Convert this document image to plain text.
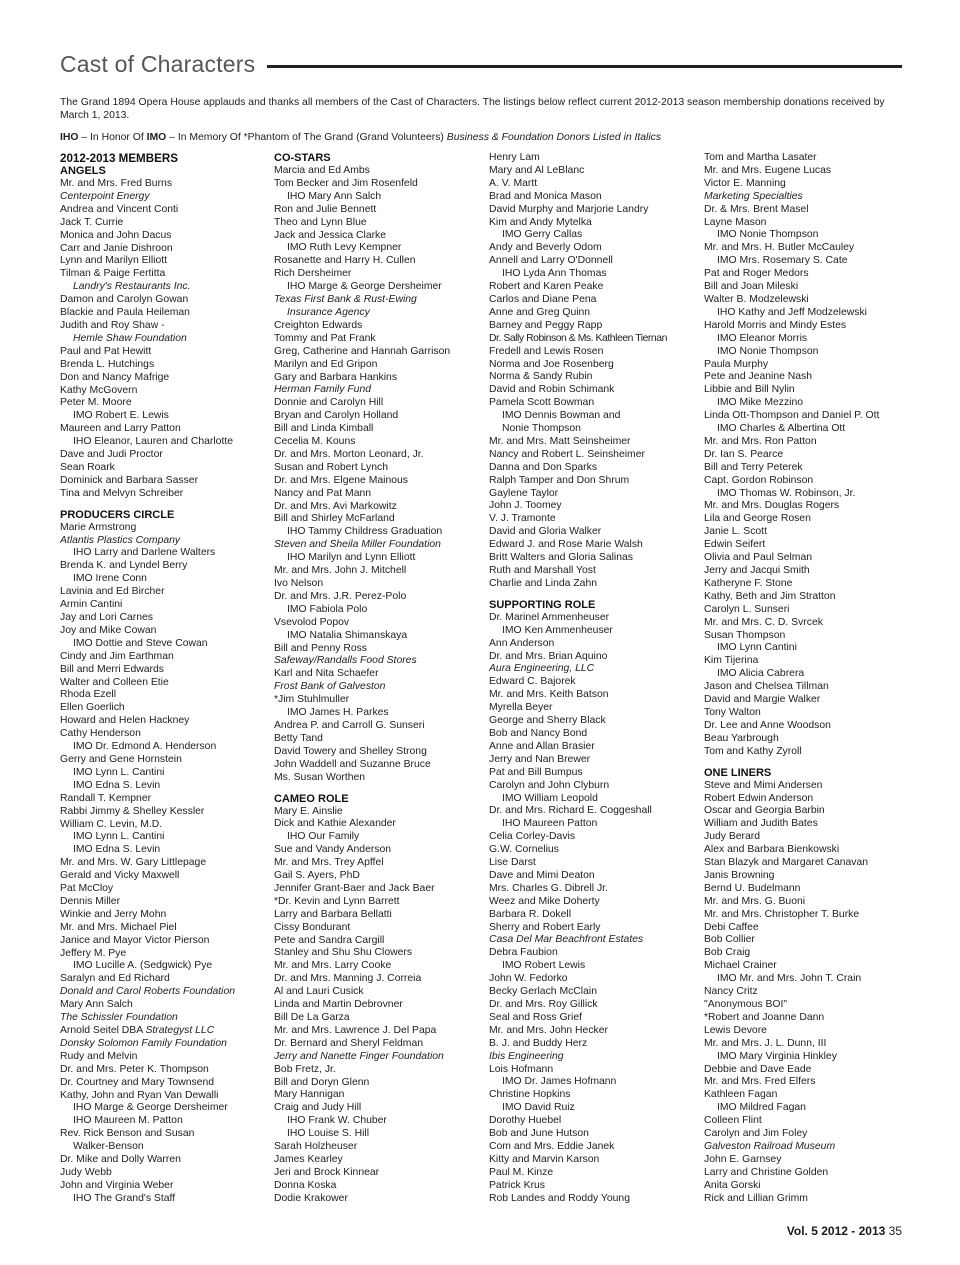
Cast of Characters
The Grand 1894 Opera House applauds and thanks all members of the Cast of Characters. The listings below reflect current 2012-2013 season membership donations received by March 1, 2013.
IHO – In Honor Of IMO – In Memory Of *Phantom of The Grand (Grand Volunteers) Business & Foundation Donors Listed in Italics
2012-2013 MEMBERS
ANGELS
Mr. and Mrs. Fred Burns
Centerpoint Energy
Andrea and Vincent Conti
Jack T. Currie
Monica and John Dacus
Carr and Janie Dishroon
Lynn and Marilyn Elliott
Tilman & Paige Fertitta
Landry's Restaurants Inc.
Damon and Carolyn Gowan
Blackie and Paula Heileman
Judith and Roy Shaw -
Hemle Shaw Foundation
Paul and Pat Hewitt
Brenda L. Hutchings
Don and Nancy Mafrige
Kathy McGovern
Peter M. Moore
IMO Robert E. Lewis
Maureen and Larry Patton
IHO Eleanor, Lauren and Charlotte
Dave and Judi Proctor
Sean Roark
Dominick and Barbara Sasser
Tina and Melvyn Schreiber
PRODUCERS CIRCLE
Marie Armstrong
Atlantis Plastics Company
IHO Larry and Darlene Walters
Brenda K. and Lyndel Berry
IMO Irene Conn
Lavinia and Ed Bircher
Armin Cantini
Jay and Lori Carnes
Joy and Mike Cowan
IMO Dottie and Steve Cowan
Cindy and Jim Earthman
Bill and Merri Edwards
Walter and Colleen Etie
Rhoda Ezell
Ellen Goerlich
Howard and Helen Hackney
Cathy Henderson
IMO Dr. Edmond A. Henderson
Gerry and Gene Hornstein
IMO Lynn L. Cantini
IMO Edna S. Levin
Randall T. Kempner
Rabbi Jimmy & Shelley Kessler
William C. Levin, M.D.
IMO Lynn L. Cantini
IMO Edna S. Levin
Mr. and Mrs. W. Gary Littlepage
Gerald and Vicky Maxwell
Pat McCloy
Dennis Miller
Winkie and Jerry Mohn
Mr. and Mrs. Michael Piel
Janice and Mayor Victor Pierson
Jeffery M. Pye
IMO Lucille A. (Sedgwick) Pye
Saralyn and Ed Richard
Donald and Carol Roberts Foundation
Mary Ann Salch
The Schissler Foundation
Arnold Seitel DBA Strategyst LLC
Donsky Solomon Family Foundation
Rudy and Melvin
Dr. and Mrs. Peter K. Thompson
Dr. Courtney and Mary Townsend
Kathy, John and Ryan Van Dewalli
IHO Marge & George Dersheimer
IHO Maureen M. Patton
Rev. Rick Benson and Susan
Walker-Benson
Dr. Mike and Dolly Warren
Judy Webb
John and Virginia Weber
IHO The Grand's Staff
CO-STARS
Marcia and Ed Ambs
Tom Becker and Jim Rosenfeld
IHO Mary Ann Salch
Ron and Julie Bennett
Theo and Lynn Blue
Jack and Jessica Clarke
IMO Ruth Levy Kempner
Rosanette and Harry H. Cullen
Rich Dersheimer
IHO Marge & George Dersheimer
Texas First Bank & Rust-Ewing
Insurance Agency
Creighton Edwards
Tommy and Pat Frank
Greg, Catherine and Hannah Garrison
Marilyn and Ed Gripon
Gary and Barbara Hankins
Herman Family Fund
Donnie and Carolyn Hill
Bryan and Carolyn Holland
Bill and Linda Kimball
Cecelia M. Kouns
Dr. and Mrs. Morton Leonard, Jr.
Susan and Robert Lynch
Dr. and Mrs. Elgene Mainous
Nancy and Pat Mann
Dr. and Mrs. Avi Markowitz
Bill and Shirley McFarland
IHO Tammy Childress Graduation
Steven and Sheila Miller Foundation
IHO Marilyn and Lynn Elliott
Mr. and Mrs. John J. Mitchell
Ivo Nelson
Dr. and Mrs. J.R. Perez-Polo
IMO Fabiola Polo
Vsevolod Popov
IMO Natalia Shimanskaya
Bill and Penny Ross
Safeway/Randalls Food Stores
Karl and Nita Schaefer
Frost Bank of Galveston
*Jim Stuhlmuller
IMO James H. Parkes
Andrea P. and Carroll G. Sunseri
Betty Tand
David Towery and Shelley Strong
John Waddell and Suzanne Bruce
Ms. Susan Worthen
CAMEO ROLE
Mary E. Ainslie
Dick and Kathie Alexander
IHO Our Family
Sue and Vandy Anderson
Mr. and Mrs. Trey Apffel
Gail S. Ayers, PhD
Jennifer Grant-Baer and Jack Baer
*Dr. Kevin and Lynn Barrett
Larry and Barbara Bellatti
Cissy Bondurant
Pete and Sandra Cargill
Stanley and Shu Shu Clowers
Mr. and Mrs. Larry Cooke
Dr. and Mrs. Manning J. Correia
Al and Lauri Cusick
Linda and Martin Debrovner
Bill De La Garza
Mr. and Mrs. Lawrence J. Del Papa
Dr. Bernard and Sheryl Feldman
Jerry and Nanette Finger Foundation
Bob Fretz, Jr.
Bill and Doryn Glenn
Mary Hannigan
Craig and Judy Hill
IHO Frank W. Chuber
IHO Louise S. Hill
Sarah Holzheuser
James Kearley
Jeri and Brock Kinnear
Donna Koska
Dodie Krakower
Henry Lam
Mary and Al LeBlanc
A. V. Martt
Brad and Monica Mason
David Murphy and Marjorie Landry
Kim and Andy Mytelka
IMO Gerry Callas
Andy and Beverly Odom
Annell and Larry O'Donnell
IHO Lyda Ann Thomas
Robert and Karen Peake
Carlos and Diane Pena
Anne and Greg Quinn
Barney and Peggy Rapp
Dr. Sally Robinson & Ms. Kathleen Tiernan
Fredell and Lewis Rosen
Norma and Joe Rosenberg
Norma & Sandy Rubin
David and Robin Schimank
Pamela Scott Bowman
IMO Dennis Bowman and
Nonie Thompson
Mr. and Mrs. Matt Seinsheimer
Nancy and Robert L. Seinsheimer
Danna and Don Sparks
Ralph Tamper and Don Shrum
Gaylene Taylor
John J. Toomey
V. J. Tramonte
David and Gloria Walker
Edward J. and Rose Marie Walsh
Britt Walters and Gloria Salinas
Ruth and Marshall Yost
Charlie and Linda Zahn
SUPPORTING ROLE
Dr. Marinel Ammenheuser
IMO Ken Ammenheuser
Ann Anderson
Dr. and Mrs. Brian Aquino
Aura Engineering, LLC
Edward C. Bajorek
Mr. and Mrs. Keith Batson
Myrella Beyer
George and Sherry Black
Bob and Nancy Bond
Anne and Allan Brasier
Jerry and Nan Brewer
Pat and Bill Bumpus
Carolyn and John Clyburn
IMO William Leopold
Dr. and Mrs. Richard E. Coggeshall
IHO Maureen Patton
Celia Corley-Davis
G.W. Cornelius
Lise Darst
Dave and Mimi Deaton
Mrs. Charles G. Dibrell Jr.
Weez and Mike Doherty
Barbara R. Dokell
Sherry and Robert Early
Casa Del Mar Beachfront Estates
Debra Faubion
IMO Robert Lewis
John W. Fedorko
Becky Gerlach McClain
Dr. and Mrs. Roy Gillick
Seal and Ross Grief
Mr. and Mrs. John Hecker
B. J. and Buddy Herz
Ibis Engineering
Lois Hofmann
IMO Dr. James Hofmann
Christine Hopkins
IMO David Ruiz
Dorothy Huebel
Bob and June Hutson
Com and Mrs. Eddie Janek
Kitty and Marvin Karson
Paul M. Kinze
Patrick Krus
Rob Landes and Roddy Young
Tom and Martha Lasater
Mr. and Mrs. Eugene Lucas
Victor E. Manning
Marketing Specialties
Dr. & Mrs. Brent Masel
Layne Mason
IMO Nonie Thompson
Mr. and Mrs. H. Butler McCauley
IMO Mrs. Rosemary S. Cate
Pat and Roger Medors
Bill and Joan Mileski
Walter B. Modzelewski
IHO Kathy and Jeff Modzelewski
Harold Morris and Mindy Estes
IMO Eleanor Morris
IMO Nonie Thompson
Paula Murphy
Pete and Jeanine Nash
Libbie and Bill Nylin
IMO Mike Mezzino
Linda Ott-Thompson and Daniel P. Ott
IMO Charles & Albertina Ott
Mr. and Mrs. Ron Patton
Dr. Ian S. Pearce
Bill and Terry Peterek
Capt. Gordon Robinson
IMO Thomas W. Robinson, Jr.
Mr. and Mrs. Douglas Rogers
Lila and George Rosen
Janie L. Scott
Edwin Seifert
Olivia and Paul Selman
Jerry and Jacqui Smith
Katheryne F. Stone
Kathy, Beth and Jim Stratton
Carolyn L. Sunseri
Mr. and Mrs. C. D. Svrcek
Susan Thompson
IMO Lynn Cantini
Kim Tijerina
IMO Alicia Cabrera
Jason and Chelsea Tillman
David and Margie Walker
Tony Walton
Dr. Lee and Anne Woodson
Beau Yarbrough
Tom and Kathy Zyroll
ONE LINERS
Steve and Mimi Andersen
Robert Edwin Anderson
Oscar and Georgia Barbin
William and Judith Bates
Judy Berard
Alex and Barbara Bienkowski
Stan Blazyk and Margaret Canavan
Janis Browning
Bernd U. Budelmann
Mr. and Mrs. G. Buoni
Mr. and Mrs. Christopher T. Burke
Debi Caffee
Bob Collier
Bob Craig
Michael Crainer
IMO Mr. and Mrs. John T. Crain
Nancy Critz
"Anonymous BOI"
*Robert and Joanne Dann
Lewis Devore
Mr. and Mrs. J. L. Dunn, III
IMO Mary Virginia Hinkley
Debbie and Dave Eade
Mr. and Mrs. Fred Elfers
Kathleen Fagan
IMO Mildred Fagan
Colleen Flint
Carolyn and Jim Foley
Galveston Railroad Museum
John E. Garnsey
Larry and Christine Golden
Anita Gorski
Rick and Lillian Grimm
Vol. 5 2012 - 2013 35
